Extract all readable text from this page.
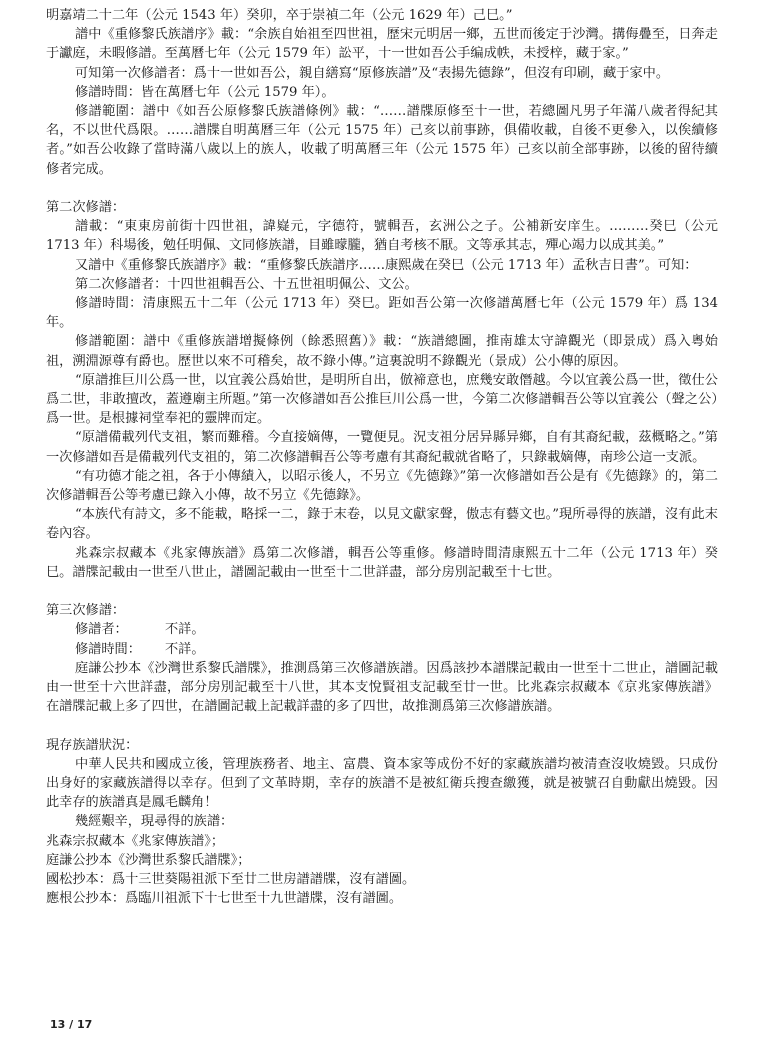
明嘉靖二十二年（公元 1543 年）癸卯，卒于崇禎二年（公元 1629 年）己巳。”

譜中《重修黎氏族譜序》載：“余族自始祖至四世祖，歷宋元明居一鄉，五世而後定于沙灣。搆侮疊至，日奔走于讞庭，未暇修譜。至萬曆七年（公元 1579 年）訟平，十一世如吾公手编成帙，未授梓，藏于家。”

可知第一次修譜者：爲十一世如吾公，親自繕寫“原修族譜”及“表揚先德錄”，但沒有印刷，藏于家中。

修譜時間：皆在萬曆七年（公元 1579 年）。

修譜範圍：譜中《如吾公原修黎氏族譜條例》載：“……譜牒原修至十一世，若總圖凡男子年滿八歲者得紀其名，不以世代爲限。……譜牒自明萬曆三年（公元 1575 年）己亥以前事跡，俱備收載，自後不更參入，以俟續修者。”如吾公收錄了當時滿八歲以上的族人，收載了明萬曆三年（公元 1575 年）己亥以前全部事跡，以後的留待續修者完成。

第二次修譜：

譜載：“東東房前街十四世祖，諱嶷元，字德符，號輯吾，玄洲公之子。公補新安庠生。………癸巳（公元 1713 年）科場後，勉任明佩、文同修族譜，目雖曚朧，猶自考核不厭。文等承其志，殫心竭力以成其美。”

又譜中《重修黎氏族譜序》載：“重修黎氏族譜序……康熙歲在癸巳（公元 1713 年）孟秋吉日書”。可知：

第二次修譜者：十四世祖輯吾公、十五世祖明佩公、文公。

修譜時間：清康熙五十二年（公元 1713 年）癸巳。距如吾公第一次修譜萬曆七年（公元 1579 年）爲 134 年。

修譜範圍：譜中《重修族譜增擬條例（餘悉照舊）》載：“族譜總圖，推南雄太守諱觀光（即景成）爲入粵始祖，溯淵源尊有爵也。歷世以來不可稽矣，故不錄小傳。”這裏說明不錄觀光（景成）公小傳的原因。

“原譜推巨川公爲一世，以宜義公爲始世，是明所自出，倣褅意也，庶幾安敢僭越。今以宜義公爲一世，徵仕公爲二世，非敢擅改，蓋遵廟主所題。”第一次修譜如吾公推巨川公爲一世，今第二次修譜輯吾公等以宜義公（聲之公）爲一世。是根據祠堂奉祀的靈牌而定。

“原譜備載列代支祖，繁而難稽。今直接嫡傳，一覽便見。況支祖分居异縣异鄉，自有其裔紀載，茲概略之。”第一次修譜如吾是備載列代支祖的，第二次修譜輯吾公等考慮有其裔紀載就省略了，只錄載嫡傳，南珍公這一支派。

“有功德才能之祖，各于小傳績入，以昭示後人，不另立《先德錄》”第一次修譜如吾公是有《先德錄》的，第二次修譜輯吾公等考慮已錄入小傳，故不另立《先德錄》。

“本族代有詩文，多不能載，略採一二，錄于末卷，以見文獻家聲，傲志有藝文也。”現所尋得的族譜，沒有此末卷內容。

兆森宗叔藏本《兆家傳族譜》爲第二次修譜，輯吾公等重修。修譜時間清康熙五十二年（公元 1713 年）癸巳。譜牒記載由一世至八世止，譜圖記載由一世至十二世詳盡，部分房別記載至十七世。

第三次修譜：

修譜者：	不詳。
修譜時間：	不詳。

庭謙公抄本《沙灣世系黎氏譜牒》，推測爲第三次修譜族譜。因爲該抄本譜牒記載由一世至十二世止，譜圖記載由一世至十六世詳盡，部分房別記載至十八世，其本支悅賢祖支記載至廿一世。比兆森宗叔藏本《京兆家傳族譜》在譜牒記載上多了四世，在譜圖記載上記載詳盡的多了四世，故推測爲第三次修譜族譜。

現存族譜狀況：

中華人民共和國成立後，管理族務者、地主、富農、資本家等成份不好的家藏族譜均被清查沒收燒毀。只成份出身好的家藏族譜得以幸存。但到了文革時期，幸存的族譜不是被紅衛兵搜查繳獲，就是被號召自動獻出燒毀。因此幸存的族譜真是鳳毛麟角！

幾經艱辛，現尋得的族譜：

兆森宗叔藏本《兆家傳族譜》；

庭謙公抄本《沙灣世系黎氏譜牒》；

國松抄本：爲十三世葵陽祖派下至廿二世房譜譜牒，沒有譜圖。

應根公抄本：爲臨川祖派下十七世至十九世譜牒，沒有譜圖。

13 / 17
